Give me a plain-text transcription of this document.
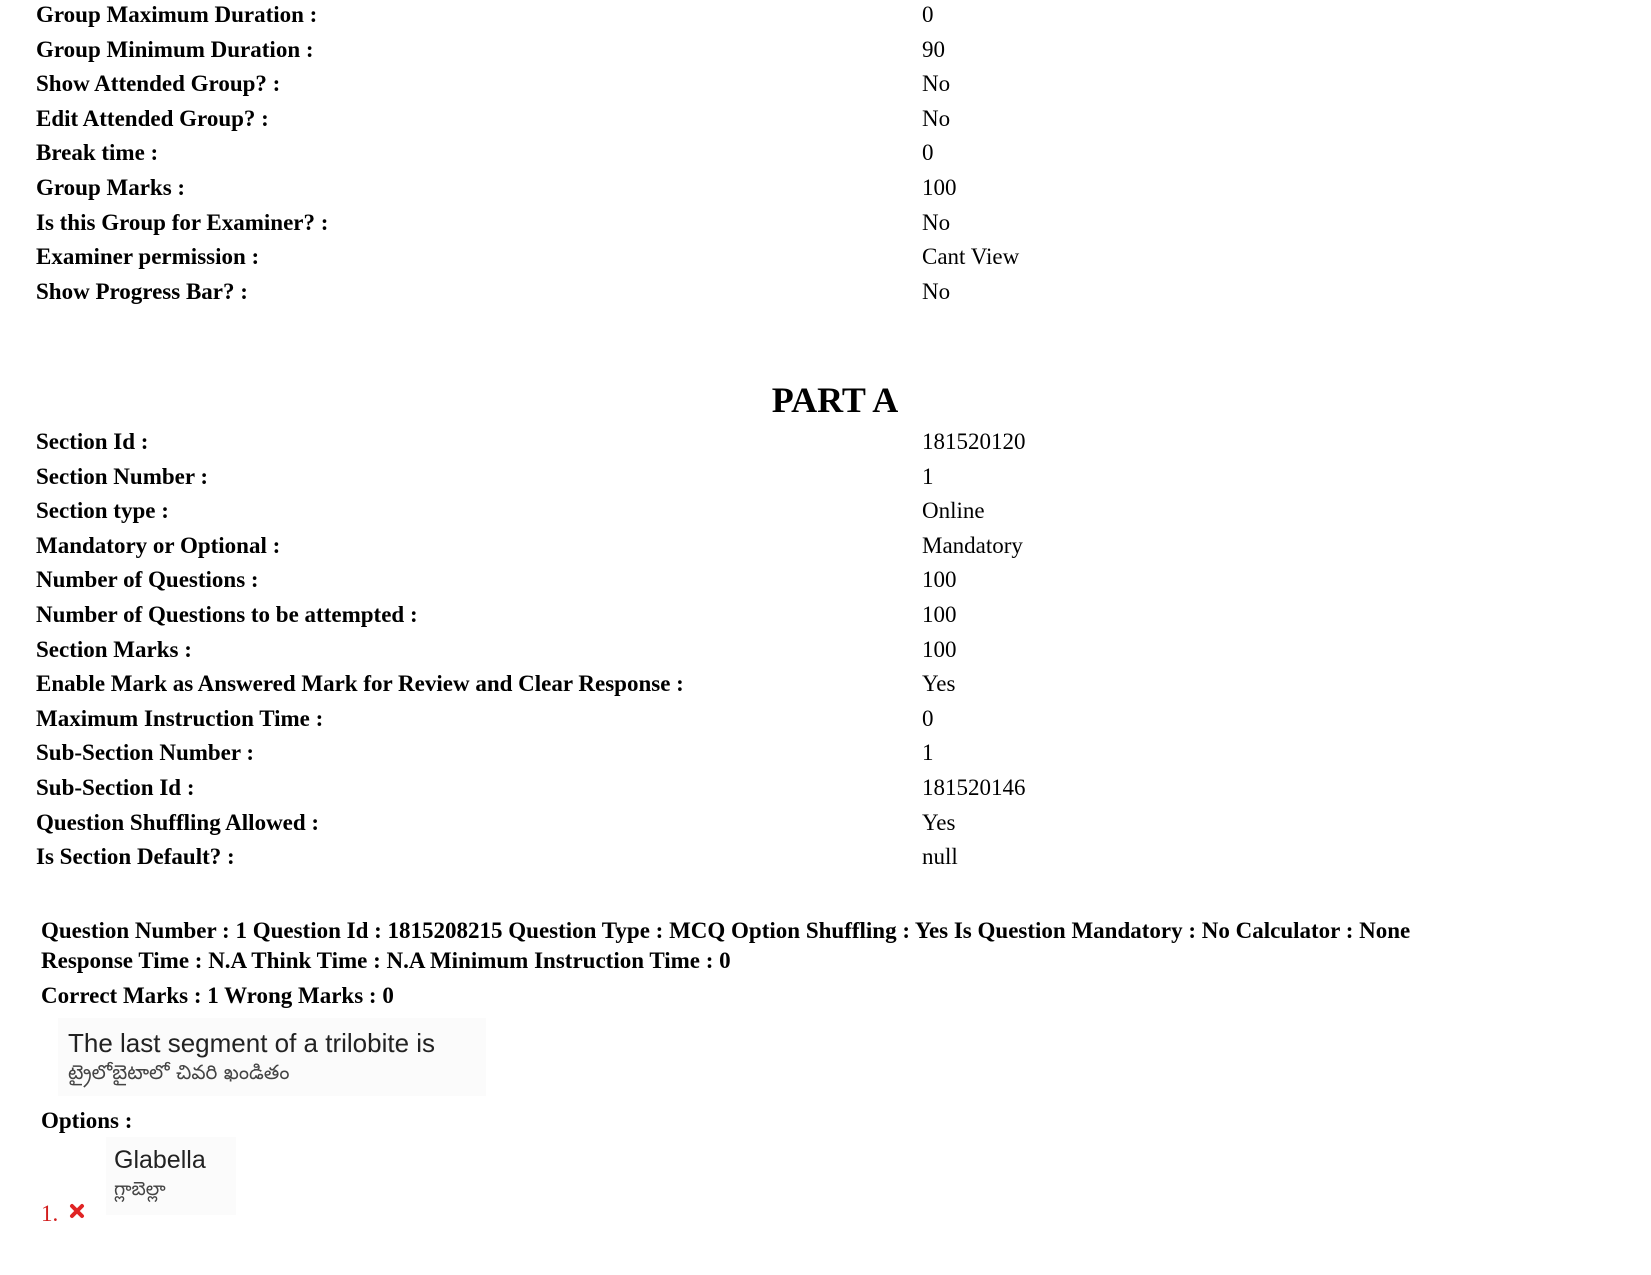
Group Maximum Duration :	0
Group Minimum Duration :	90
Show Attended Group? :	No
Edit Attended Group? :	No
Break time :	0
Group Marks :	100
Is this Group for Examiner? :	No
Examiner permission :	Cant View
Show Progress Bar? :	No
PART A
Section Id :	181520120
Section Number :	1
Section type :	Online
Mandatory or Optional :	Mandatory
Number of Questions :	100
Number of Questions to be attempted :	100
Section Marks :	100
Enable Mark as Answered Mark for Review and Clear Response :	Yes
Maximum Instruction Time :	0
Sub-Section Number :	1
Sub-Section Id :	181520146
Question Shuffling Allowed :	Yes
Is Section Default? :	null
Question Number : 1 Question Id : 1815208215 Question Type : MCQ Option Shuffling : Yes Is Question Mandatory : No Calculator : None
Response Time : N.A Think Time : N.A Minimum Instruction Time : 0
Correct Marks : 1 Wrong Marks : 0
The last segment of a trilobite is
ట్రైలోబైటాలో చివరి ఖండితం
Options :
Glabella
గ్లాబెల్లా
1.
